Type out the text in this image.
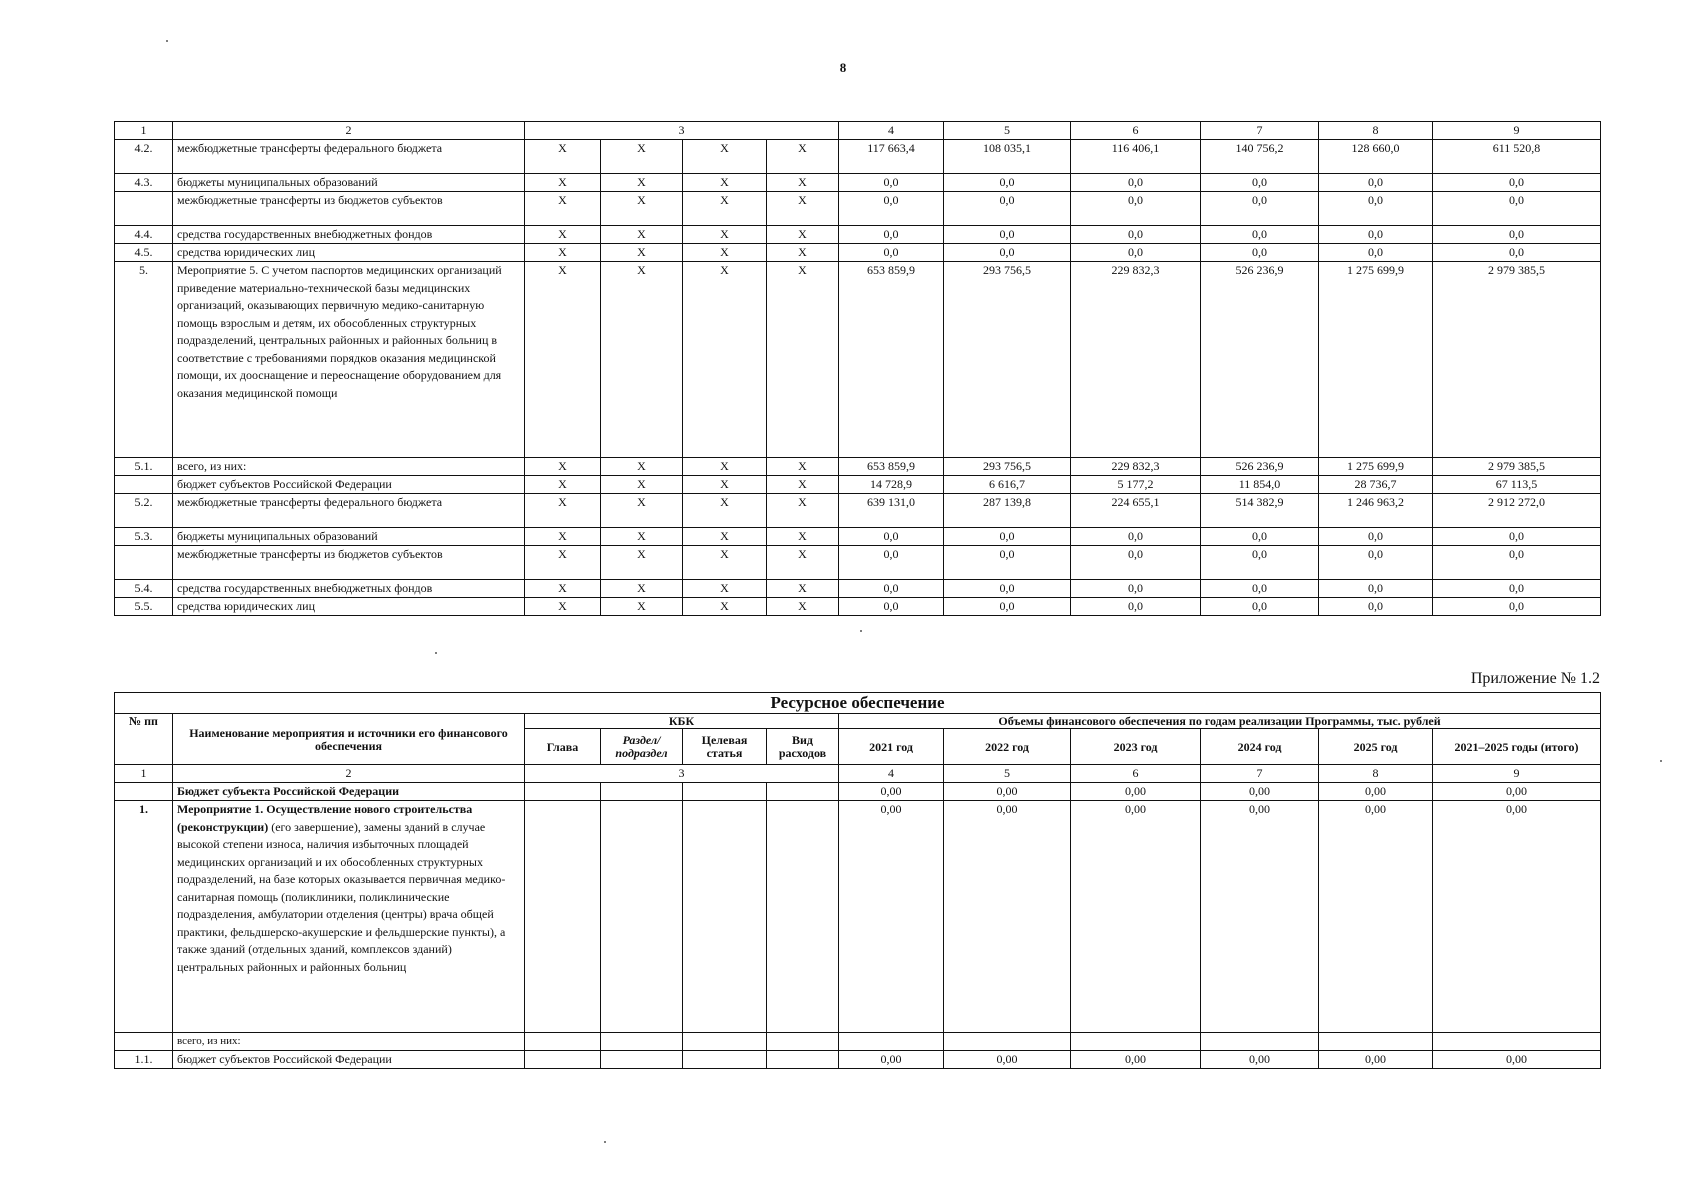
8
1	2	3				4	5	6	7	8	9
4.2.	межбюджетные трансферты федерального бюджета	X	X	X	X	117 663,4	108 035,1	116 406,1	140 756,2	128 660,0	611 520,8
4.3.	бюджеты муниципальных образований	X	X	X	X	0,0	0,0	0,0	0,0	0,0	0,0
	межбюджетные трансферты из бюджетов субъектов	X	X	X	X	0,0	0,0	0,0	0,0	0,0	0,0
4.4.	средства государственных внебюджетных фондов	X	X	X	X	0,0	0,0	0,0	0,0	0,0	0,0
4.5.	средства юридических лиц	X	X	X	X	0,0	0,0	0,0	0,0	0,0	0,0
5.	Мероприятие 5. С учетом паспортов медицинских организаций приведение материально-технической базы медицинских организаций, оказывающих первичную медико-санитарную помощь взрослым и детям, их обособленных структурных подразделений, центральных районных и районных больниц в соответствие с требованиями порядков оказания медицинской помощи, их дооснащение и переоснащение оборудованием для оказания медицинской помощи	X	X	X	X	653 859,9	293 756,5	229 832,3	526 236,9	1 275 699,9	2 979 385,5
5.1.	всего, из них:	X	X	X	X	653 859,9	293 756,5	229 832,3	526 236,9	1 275 699,9	2 979 385,5
	бюджет субъектов Российской Федерации	X	X	X	X	14 728,9	6 616,7	5 177,2	11 854,0	28 736,7	67 113,5
5.2.	межбюджетные трансферты федерального бюджета	X	X	X	X	639 131,0	287 139,8	224 655,1	514 382,9	1 246 963,2	2 912 272,0
5.3.	бюджеты муниципальных образований	X	X	X	X	0,0	0,0	0,0	0,0	0,0	0,0
	межбюджетные трансферты из бюджетов субъектов	X	X	X	X	0,0	0,0	0,0	0,0	0,0	0,0
5.4.	средства государственных внебюджетных фондов	X	X	X	X	0,0	0,0	0,0	0,0	0,0	0,0
5.5.	средства юридических лиц	X	X	X	X	0,0	0,0	0,0	0,0	0,0	0,0
Приложение № 1.2
Ресурсное обеспечение											
№ пп	Наименование мероприятия и источники его финансового обеспечения	КБК				Объемы финансового обеспечения по годам реализации Программы, тыс. рублей					
		Глава	Раздел/ подраздел	Целевая статья	Вид расходов	2021 год	2022 год	2023 год	2024 год	2025 год	2021–2025 годы (итого)
1	2	3				4	5	6	7	8	9
	Бюджет субъекта Российской Федерации					0,00	0,00	0,00	0,00	0,00	0,00
1.	Мероприятие 1. Осуществление нового строительства (реконструкции) (его завершение), замены зданий в случае высокой степени износа, наличия избыточных площадей медицинских организаций и их обособленных структурных подразделений, на базе которых оказывается первичная медико-санитарная помощь (поликлиники, поликлинические подразделения, амбулатории отделения (центры) врача общей практики, фельдшерско-акушерские и фельдшерские пункты), а также зданий (отдельных зданий, комплексов зданий) центральных районных и районных больниц					0,00	0,00	0,00	0,00	0,00	0,00
	всего, из них:										
1.1.	бюджет субъектов Российской Федерации					0,00	0,00	0,00	0,00	0,00	0,00
